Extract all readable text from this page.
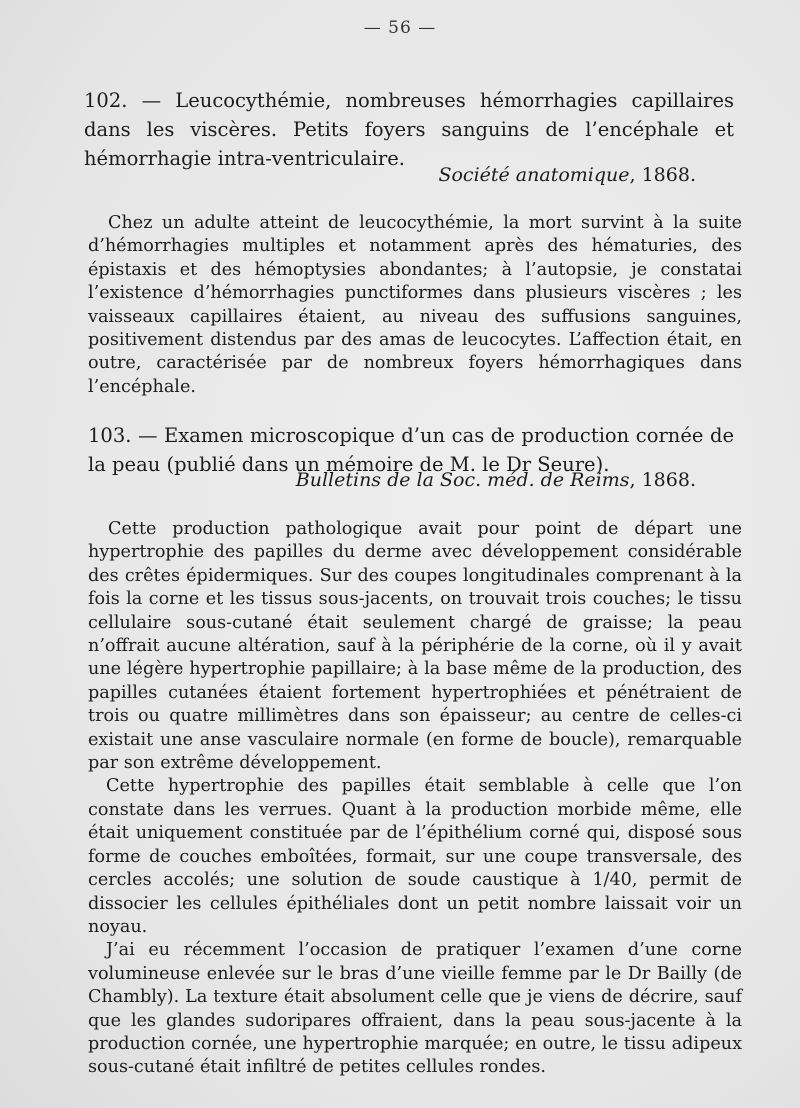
— 56 —
102. — Leucocythémie, nombreuses hémorrhagies capillaires dans les viscères. Petits foyers sanguins de l’encéphale et hémorrhagie intra-ventriculaire.
Société anatomique, 1868.

Chez un adulte atteint de leucocythémie, la mort survint à la suite d’hémorrhagies multiples et notamment après des hématuries, des épistaxis et des hémoptysies abondantes; à l’autopsie, je constatai l’existence d’hémorrhagies punctiformes dans plusieurs viscères ; les vaisseaux capillaires étaient, au niveau des suffusions sanguines, positivement distendus par des amas de leucocytes. L’affection était, en outre, caractérisée par de nombreux foyers hémorrhagiques dans l’encéphale.

103. — Examen microscopique d’un cas de production cornée de la peau (publié dans un mémoire de M. le Dr Seure).
Bulletins de la Soc. méd. de Reims, 1868.

Cette production pathologique avait pour point de départ une hypertrophie des papilles du derme avec développement considérable des crêtes épidermiques. Sur des coupes longitudinales comprenant à la fois la corne et les tissus sous-jacents, on trouvait trois couches; le tissu cellulaire sous-cutané était seulement chargé de graisse; la peau n’offrait aucune altération, sauf à la périphérie de la corne, où il y avait une légère hypertrophie papillaire; à la base même de la production, des papilles cutanées étaient fortement hypertrophiées et pénétraient de trois ou quatre millimètres dans son épaisseur; au centre de celles-ci existait une anse vasculaire normale (en forme de boucle), remarquable par son extrême développement.

Cette hypertrophie des papilles était semblable à celle que l’on constate dans les verrues. Quant à la production morbide même, elle était uniquement constituée par de l’épithélium corné qui, disposé sous forme de couches emboîtées, formait, sur une coupe transversale, des cercles accolés; une solution de soude caustique à 1/40, permit de dissocier les cellules épithéliales dont un petit nombre laissait voir un noyau.

J’ai eu récemment l’occasion de pratiquer l’examen d’une corne volumineuse enlevée sur le bras d’une vieille femme par le Dr Bailly (de Chambly). La texture était absolument celle que je viens de décrire, sauf que les glandes sudoripares offraient, dans la peau sous-jacente à la production cornée, une hypertrophie marquée; en outre, le tissu adipeux sous-cutané était infiltré de petites cellules rondes.
